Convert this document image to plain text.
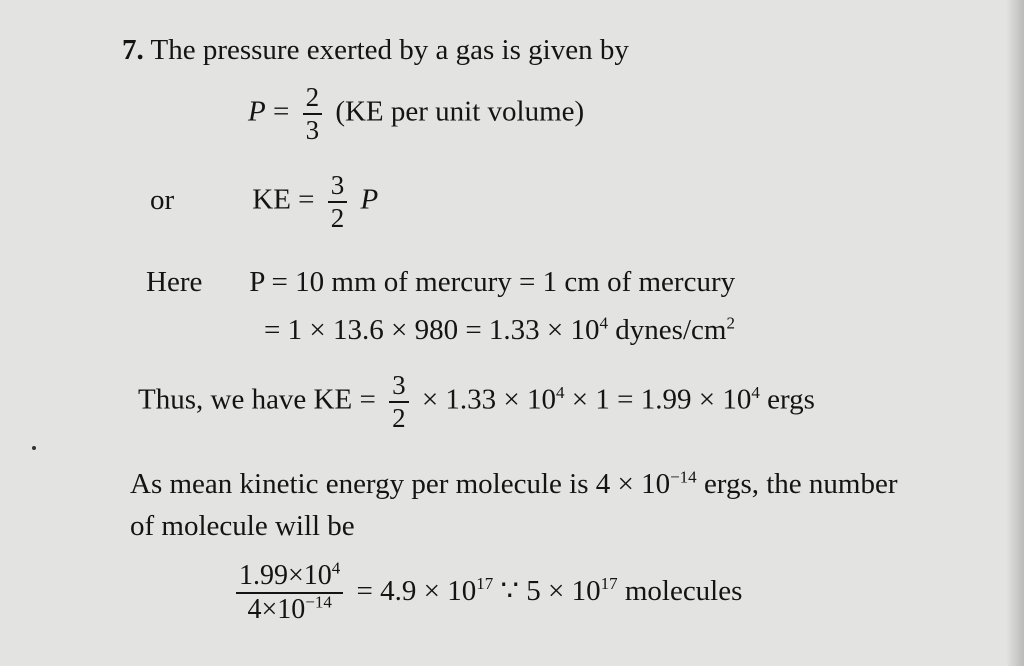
7. The pressure exerted by a gas is given by
$P = \frac{2}{3} (KE$ per unit volume)
or	KE = $\frac{3}{2}$ P
Here P = 10 mm of mercury = 1 cm of mercury
= $1 \times 13.6 \times 980 = 1.33 \times 10^4$ dynes/$cm^2$
Thus, we have KE = $\frac{3}{2} \times 1.33 \times 10^4 \times 1 = 1.99 \times 10^4$ ergs
As mean kinetic energy per molecule is $4 \times 10^{-14}$ ergs, the number
of molecule will be
$\frac{1.99\times 10^4}{4\times 10^{-14}} = 4.9 \times 10^{17}$ ∵ $5 \times 10^{17}$ molecules
